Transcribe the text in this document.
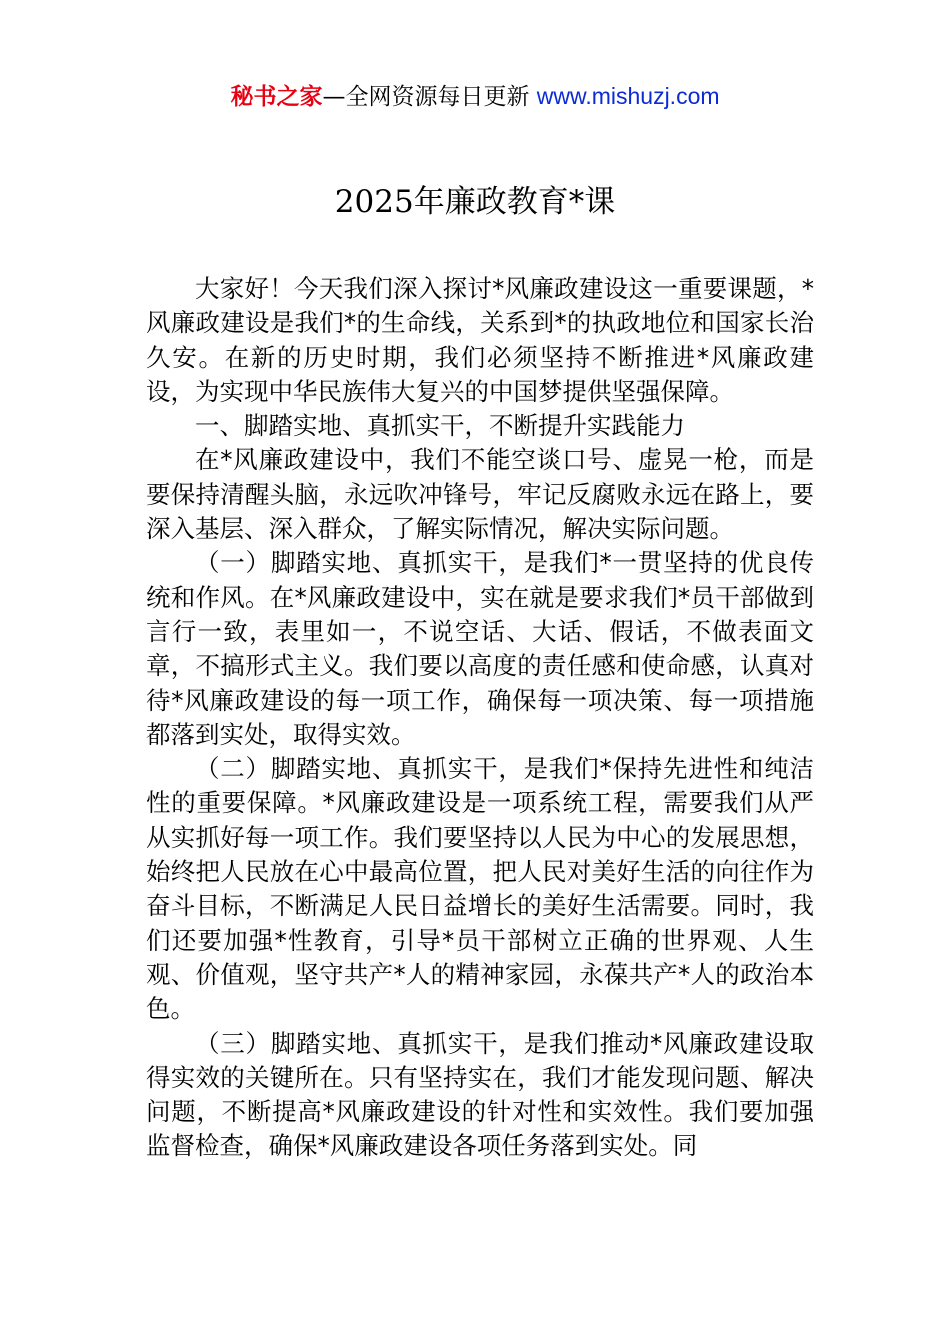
秘书之家—全网资源每日更新 www.mishuzj.com
2025年廉政教育*课

大家好！今天我们深入探讨*风廉政建设这一重要课题，*风廉政建设是我们*的生命线，关系到*的执政地位和国家长治久安。在新的历史时期，我们必须坚持不断推进*风廉政建设，为实现中华民族伟大复兴的中国梦提供坚强保障。

一、脚踏实地、真抓实干，不断提升实践能力

在*风廉政建设中，我们不能空谈口号、虚晃一枪，而是要保持清醒头脑，永远吹冲锋号，牢记反腐败永远在路上，要深入基层、深入群众，了解实际情况，解决实际问题。

（一）脚踏实地、真抓实干，是我们*一贯坚持的优良传统和作风。在*风廉政建设中，实在就是要求我们*员干部做到言行一致，表里如一，不说空话、大话、假话，不做表面文章，不搞形式主义。我们要以高度的责任感和使命感，认真对待*风廉政建设的每一项工作，确保每一项决策、每一项措施都落到实处，取得实效。

（二）脚踏实地、真抓实干，是我们*保持先进性和纯洁性的重要保障。*风廉政建设是一项系统工程，需要我们从严从实抓好每一项工作。我们要坚持以人民为中心的发展思想，始终把人民放在心中最高位置，把人民对美好生活的向往作为奋斗目标，不断满足人民日益增长的美好生活需要。同时，我们还要加强*性教育，引导*员干部树立正确的世界观、人生观、价值观，坚守共产*人的精神家园，永葆共产*人的政治本色。

（三）脚踏实地、真抓实干，是我们推动*风廉政建设取得实效的关键所在。只有坚持实在，我们才能发现问题、解决问题，不断提高*风廉政建设的针对性和实效性。我们要加强监督检查，确保*风廉政建设各项任务落到实处。同
